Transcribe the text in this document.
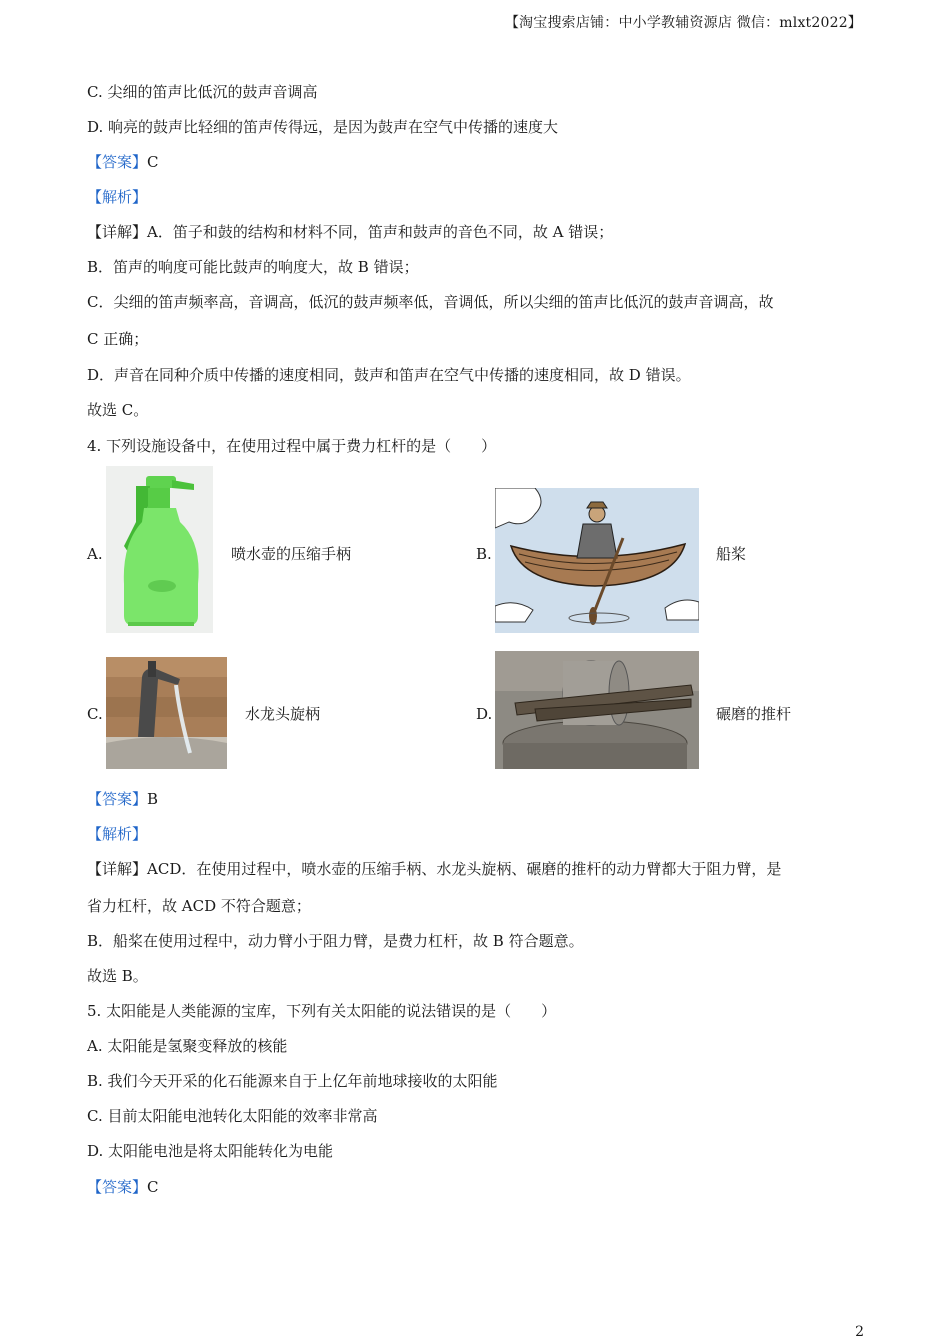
【淘宝搜索店铺：中小学教辅资源店 微信：mlxt2022】
C. 尖细的笛声比低沉的鼓声音调高
D. 响亮的鼓声比轻细的笛声传得远，是因为鼓声在空气中传播的速度大
【答案】C
【解析】
【详解】A．笛子和鼓的结构和材料不同，笛声和鼓声的音色不同，故 A 错误；
B．笛声的响度可能比鼓声的响度大，故 B 错误；
C．尖细的笛声频率高，音调高，低沉的鼓声频率低，音调低，所以尖细的笛声比低沉的鼓声音调高，故
C 正确；
D．声音在同种介质中传播的速度相同，鼓声和笛声在空气中传播的速度相同，故 D 错误。
故选 C。
4. 下列设施设备中，在使用过程中属于费力杠杆的是（　　）
A.	喷水壶的压缩手柄	B.	船桨
C.	水龙头旋柄	D.	碾磨的推杆
【答案】B
【解析】
【详解】ACD．在使用过程中，喷水壶的压缩手柄、水龙头旋柄、碾磨的推杆的动力臂都大于阻力臂，是
省力杠杆，故 ACD 不符合题意；
B．船桨在使用过程中，动力臂小于阻力臂，是费力杠杆，故 B 符合题意。
故选 B。
5. 太阳能是人类能源的宝库，下列有关太阳能的说法错误的是（　　）
A. 太阳能是氢聚变释放的核能
B. 我们今天开采的化石能源来自于上亿年前地球接收的太阳能
C. 目前太阳能电池转化太阳能的效率非常高
D. 太阳能电池是将太阳能转化为电能
【答案】C
2
